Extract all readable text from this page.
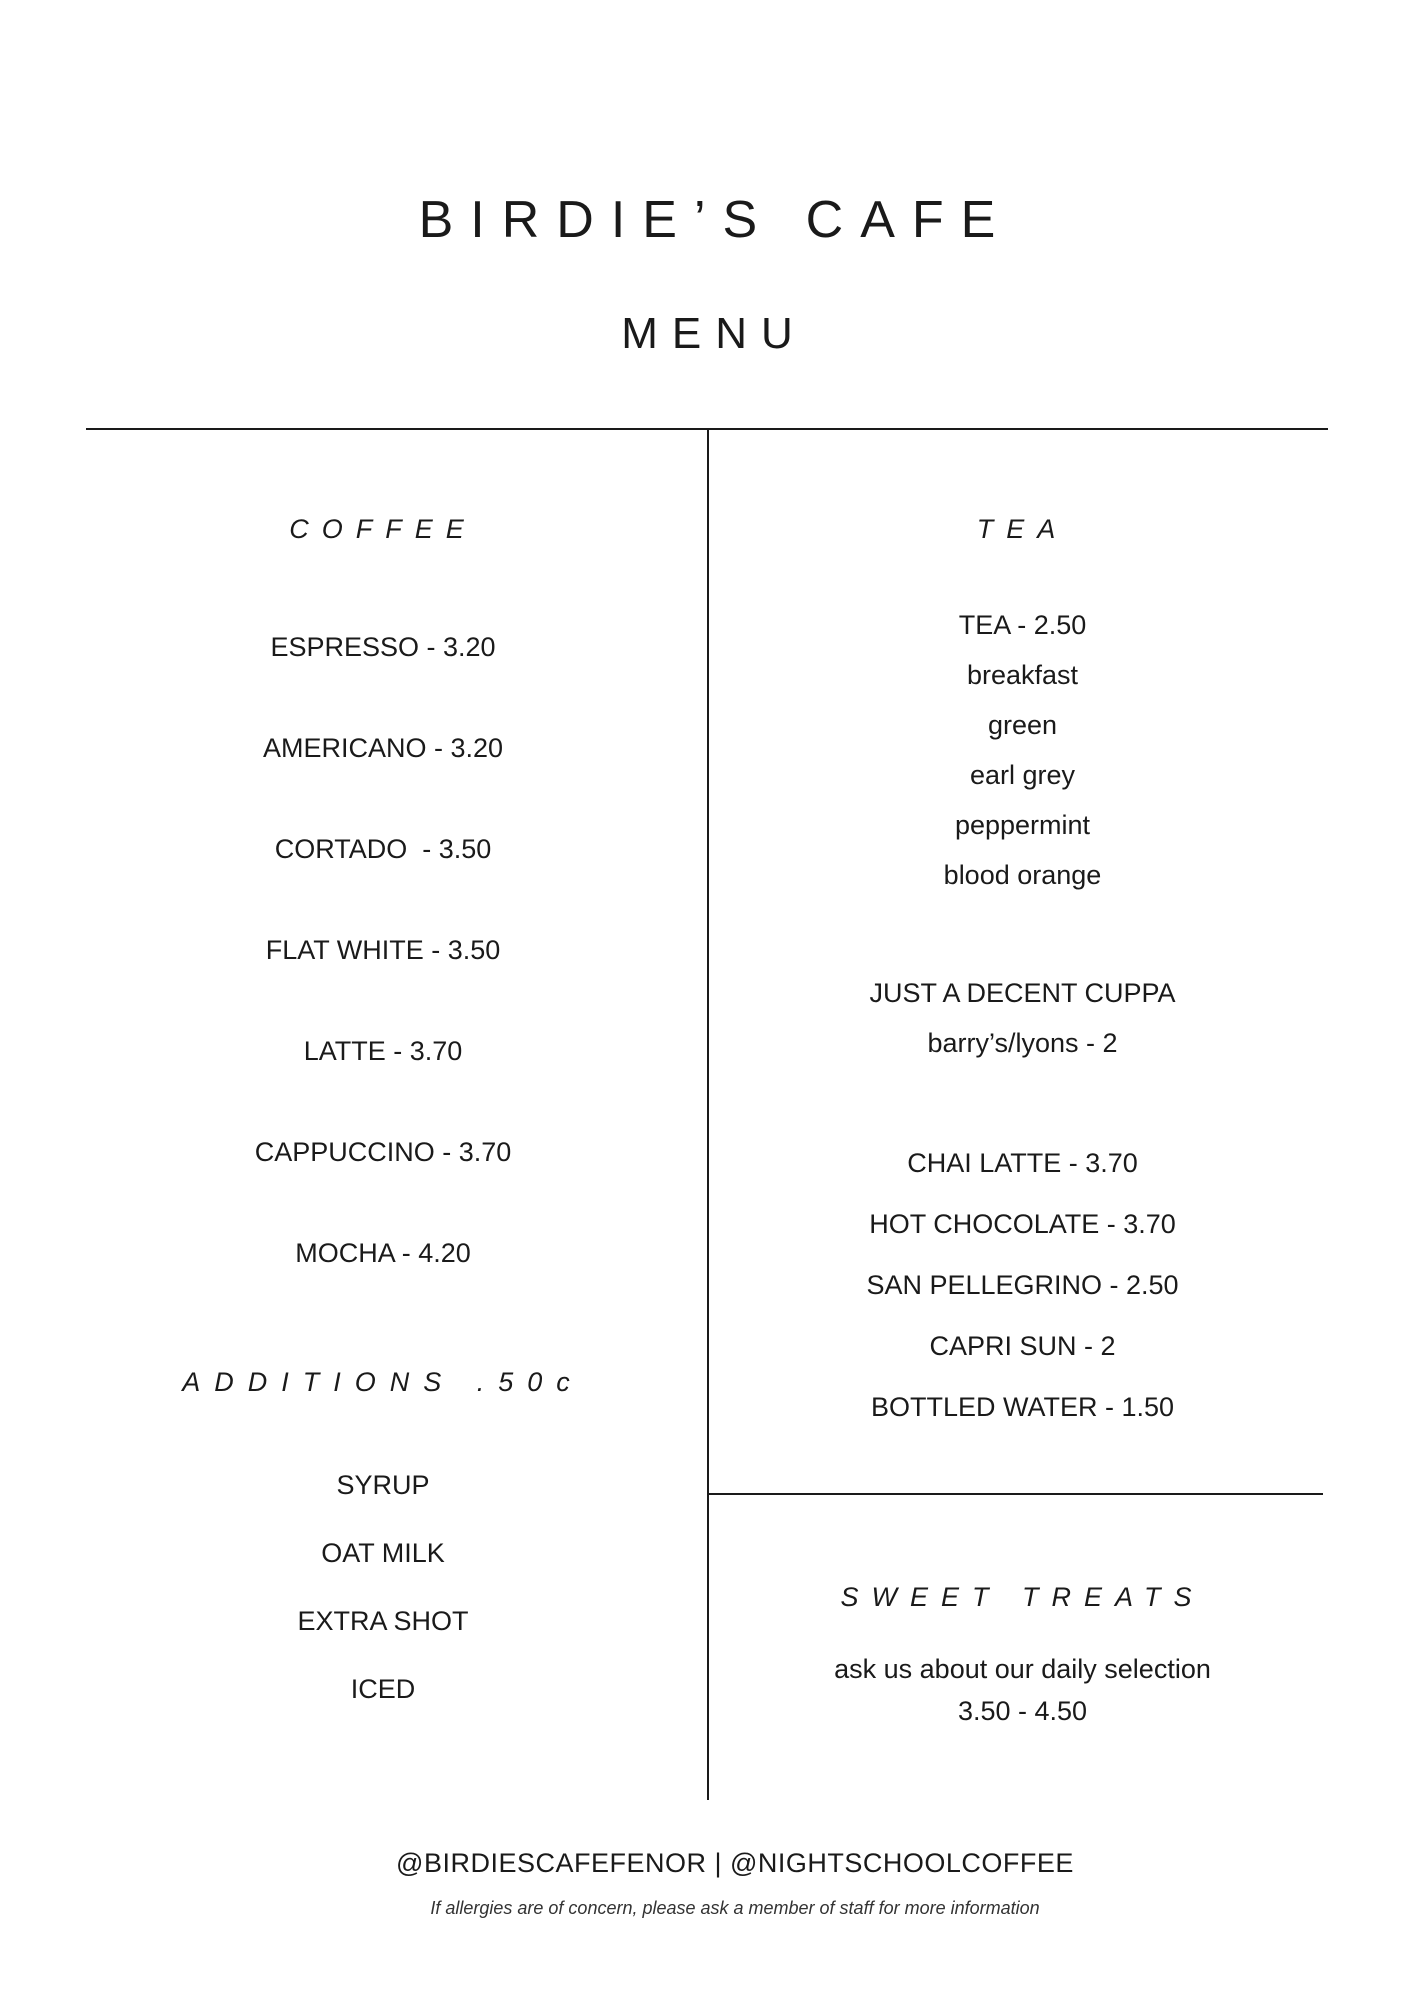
BIRDIE’S CAFE
MENU
COFFEE
ESPRESSO - 3.20
AMERICANO - 3.20
CORTADO  - 3.50
FLAT WHITE - 3.50
LATTE - 3.70
CAPPUCCINO - 3.70
MOCHA - 4.20
ADDITIONS .50c
SYRUP
OAT MILK
EXTRA SHOT
ICED
TEA
TEA - 2.50
breakfast
green
earl grey
peppermint
blood orange
JUST A DECENT CUPPA
barry’s/lyons - 2
CHAI LATTE - 3.70
HOT CHOCOLATE - 3.70
SAN PELLEGRINO - 2.50
CAPRI SUN - 2
BOTTLED WATER - 1.50
SWEET TREATS
ask us about our daily selection
3.50 - 4.50
@BIRDIESCAFEFENOR | @NIGHTSCHOOLCOFFEE
If allergies are of concern, please ask a member of staff for more information
